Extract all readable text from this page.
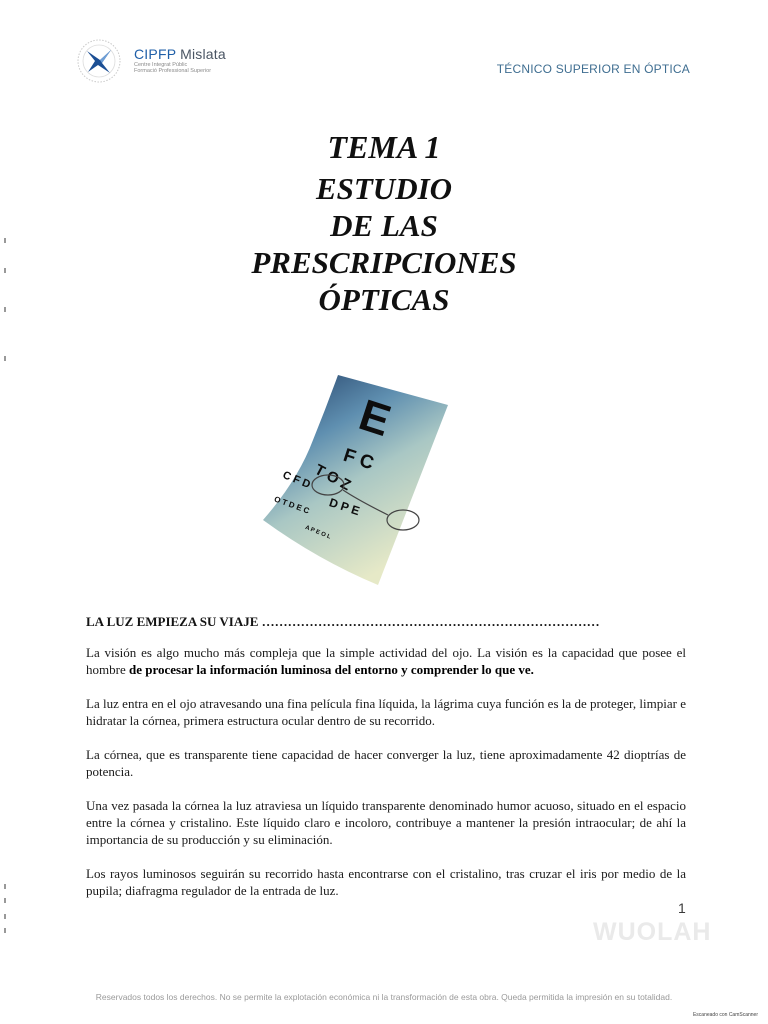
CIPFP Mislata
Centre Integrat Públic
Formació Professional Superior	TÉCNICO SUPERIOR EN ÓPTICA
TEMA 1
ESTUDIO
DE LAS
PRESCRIPCIONES
ÓPTICAS
E
F C
T O Z
C F D
D P E
O T D E C
A P E O L
LA LUZ EMPIEZA SU VIAJE ……………………………………………………………………

La visión es algo mucho más compleja que la simple actividad del ojo. La visión es la capacidad que posee el hombre de procesar la información luminosa del entorno y comprender lo que ve.

La luz entra en el ojo atravesando una fina película fina líquida, la lágrima cuya función es la de proteger, limpiar e hidratar la córnea, primera estructura ocular dentro de su recorrido.

La córnea, que es transparente tiene capacidad de hacer converger la luz, tiene aproximadamente 42 dioptrías de potencia.

Una vez pasada la córnea la luz atraviesa un líquido transparente denominado humor acuoso, situado en el espacio entre la córnea y cristalino. Este líquido claro e incoloro, contribuye a mantener la presión intraocular; de ahí la importancia de su producción y su eliminación.

Los rayos luminosos seguirán su recorrido hasta encontrarse con el cristalino, tras cruzar el iris por medio de la pupila; diafragma regulador de la entrada de luz.

1
WUOLAH
Reservados todos los derechos. No se permite la explotación económica ni la transformación de esta obra. Queda permitida la impresión en su totalidad.
Escaneado con CamScanner
